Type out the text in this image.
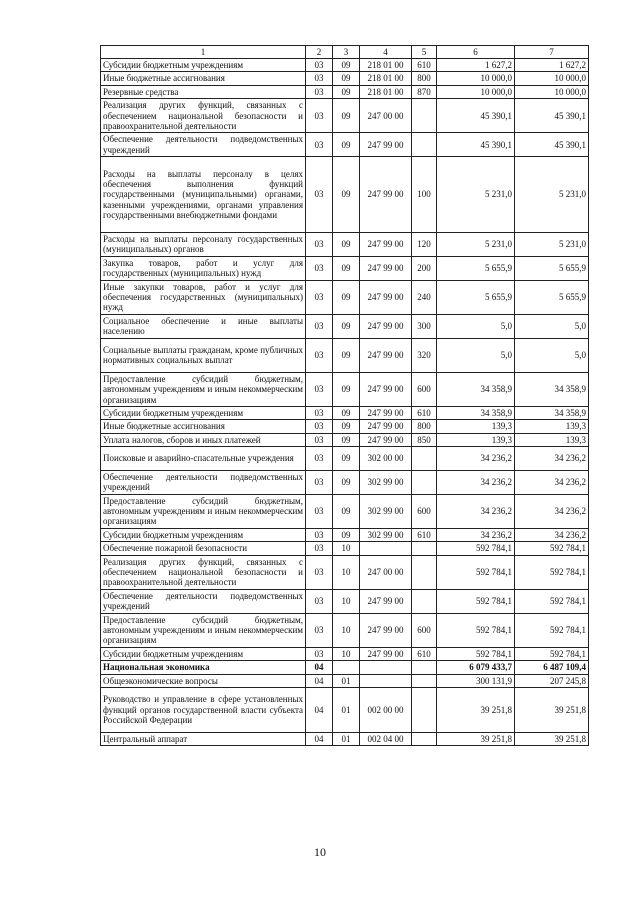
1	2	3	4	5	6	7
Субсидии бюджетным учреждениям	03	09	218 01 00	610	1 627,2	1 627,2
Иные бюджетные ассигнования	03	09	218 01 00	800	10 000,0	10 000,0
Резервные средства	03	09	218 01 00	870	10 000,0	10 000,0
Реализация других функций, связанных с обеспечением национальной безопасности и правоохранительной деятельности	03	09	247 00 00		45 390,1	45 390,1
Обеспечение деятельности подведомственных учреждений	03	09	247 99 00		45 390,1	45 390,1
Расходы на выплаты персоналу в целях обеспечения выполнения функций государственными (муниципальными) органами, казенными учреждениями, органами управления государственными внебюджетными фондами	03	09	247 99 00	100	5 231,0	5 231,0
Расходы на выплаты персоналу государственных (муниципальных) органов	03	09	247 99 00	120	5 231,0	5 231,0
Закупка товаров, работ и услуг для государственных (муниципальных) нужд	03	09	247 99 00	200	5 655,9	5 655,9
Иные закупки товаров, работ и услуг для обеспечения государственных (муниципальных) нужд	03	09	247 99 00	240	5 655,9	5 655,9
Социальное обеспечение и иные выплаты населению	03	09	247 99 00	300	5,0	5,0
Социальные выплаты гражданам, кроме публичных нормативных социальных выплат	03	09	247 99 00	320	5,0	5,0
Предоставление субсидий бюджетным, автономным учреждениям и иным некоммерческим организациям	03	09	247 99 00	600	34 358,9	34 358,9
Субсидии бюджетным учреждениям	03	09	247 99 00	610	34 358,9	34 358,9
Иные бюджетные ассигнования	03	09	247 99 00	800	139,3	139,3
Уплата налогов, сборов и иных платежей	03	09	247 99 00	850	139,3	139,3
Поисковые и аварийно-спасательные учреждения	03	09	302 00 00		34 236,2	34 236,2
Обеспечение деятельности подведомственных учреждений	03	09	302 99 00		34 236,2	34 236,2
Предоставление субсидий бюджетным, автономным учреждениям и иным некоммерческим организациям	03	09	302 99 00	600	34 236,2	34 236,2
Субсидии бюджетным учреждениям	03	09	302 99 00	610	34 236,2	34 236,2
Обеспечение пожарной безопасности	03	10			592 784,1	592 784,1
Реализация других функций, связанных с обеспечением национальной безопасности и правоохранительной деятельности	03	10	247 00 00		592 784,1	592 784,1
Обеспечение деятельности подведомственных учреждений	03	10	247 99 00		592 784,1	592 784,1
Предоставление субсидий бюджетным, автономным учреждениям и иным некоммерческим организациям	03	10	247 99 00	600	592 784,1	592 784,1
Субсидии бюджетным учреждениям	03	10	247 99 00	610	592 784,1	592 784,1
Национальная экономика	04				6 079 433,7	6 487 109,4
Общеэкономические вопросы	04	01			300 131,9	207 245,8
Руководство и управление в сфере установленных функций органов государственной власти субъекта Российской Федерации	04	01	002 00 00		39 251,8	39 251,8
Центральный аппарат	04	01	002 04 00		39 251,8	39 251,8
10
